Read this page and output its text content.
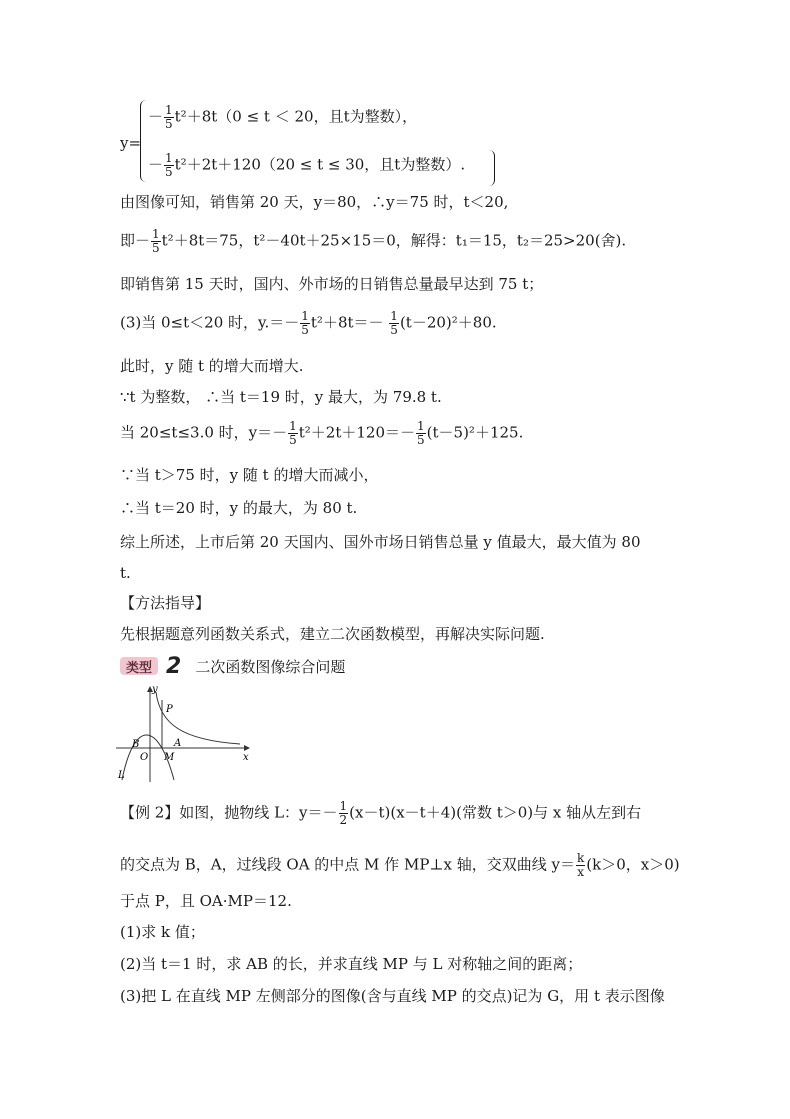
y=
－ $\frac{1}{5} t^2+8t(0 \le t < 20$，且t为整数），
－ $\frac{1}{5} t^2+2t+120(20 \le t \le 30$，且t为整数）.
由图像可知，销售第 20 天，y＝80，∴y＝75 时，t＜20,
即－ $\frac{1}{5} t^2+8t=75$，t²－40t＋25×15＝0，解得：t₁＝15，t₂＝25>20(舍).
即销售第 15 天时，国内、外市场的日销售总量最早达到 75 t；
(3)当 0≤t＜20 时，$y.=- \frac{1}{5} t^2+8t=- \frac{1}{5} (t-20)^2+80$.
此时，y 随 t 的增大而增大.
∵t 为整数， ∴当 t＝19 时，y 最大，为 79.8 t.
当 20≤t≤3.0 时，$y=- \frac{1}{5} t^2+2t+120=- \frac{1}{5} (t-5)^2+125$.
∵当 t＞75 时，y 随 t 的增大而减小，
∴当 t＝20 时，y 的最大，为 80 t.
综上所述，上市后第 20 天国内、国外市场日销售总量 y 值最大，最大值为 80
t.
【方法指导】
先根据题意列函数关系式，建立二次函数模型，再解决实际问题.
类型 2 二次函数图像综合问题
y
x
P
B	A
O M
L
【例 2】如图，抛物线 L：$y=- \frac{1}{2} (x-t)(x-t+4)$(常数 t＞0)与 x 轴从左到右
的交点为 B，A，过线段 OA 的中点 M 作 MP⊥x 轴，交双曲线 $y= \frac{k}{x} (k>0$，x＞0)
于点 P，且 OA·MP＝12.
(1)求 k 值；
(2)当 t＝1 时，求 AB 的长，并求直线 MP 与 L 对称轴之间的距离；
(3)把 L 在直线 MP 左侧部分的图像(含与直线 MP 的交点)记为 G，用 t 表示图像
